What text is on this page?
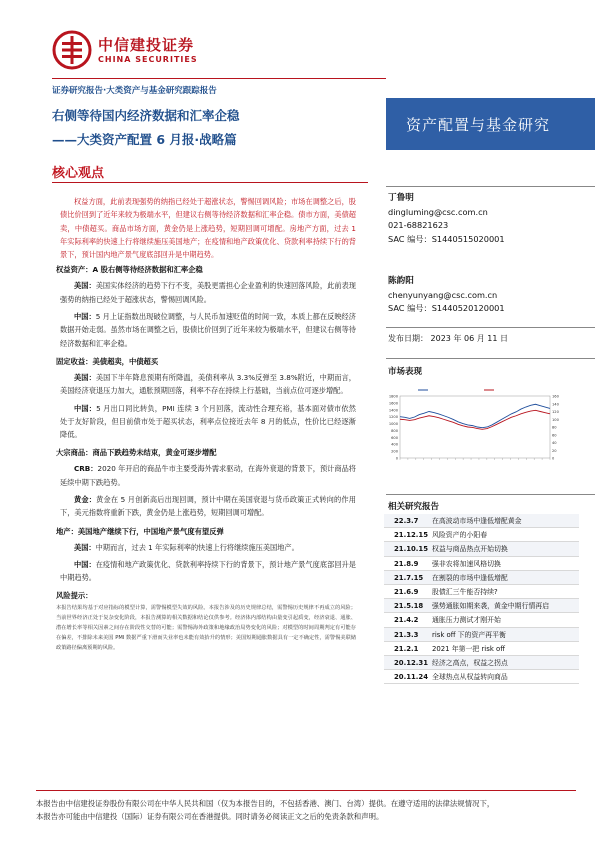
中信建投证券
CHINA SECURITIES
证券研究报告·大类资产与基金研究跟踪报告
右侧等待国内经济数据和汇率企稳
——大类资产配置 6 月报·战略篇
资产配置与基金研究
核心观点

权益方面，此前表现强势的纳指已经处于超涨状态，警惕回调风险；市场在调整之后，股债比价回到了近年来较为极端水平，但建议右侧等待经济数据和汇率企稳。债市方面，美债超卖，中债超买。商品市场方面，黄金仍是上涨趋势，短期回调可增配。房地产方面，过去 1 年实际利率的快速上行将继续施压美国地产；在疫情和地产政策优化、贷款利率持续下行的背景下，预计国内地产景气度底部回升是中期趋势。

权益资产：A 股右侧等待经济数据和汇率企稳

美国：美国实体经济的趋势下行不变，美股更需担心企业盈利的快速回落风险，此前表现强势的纳指已经处于超涨状态，警惕回调风险。

中国：5 月上证指数出现破位调整，与人民币加速贬值的时间一致，本质上都在反映经济数据开始走弱。虽然市场在调整之后，股债比价回到了近年来较为极端水平，但建议右侧等待经济数据和汇率企稳。

固定收益：美债超卖，中债超买

美国：美国下半年降息预期有所降温，美债利率从 3.3%反弹至 3.8%附近，中期而言，美国经济衰退压力加大，通胀预期回落，利率不存在持续上行基础，当前点位可逐步增配。

中国：5 月出口同比转负，PMI 连续 3 个月回落，流动性合理充裕，基本面对债市依然处于友好阶段，但目前债市处于超买状态，利率点位接近去年 8 月的低点，性价比已经逐渐降低。

大宗商品：商品下跌趋势未结束，黄金可逐步增配

CRB：2020 年开启的商品牛市主要受海外需求驱动，在海外衰退的背景下，预计商品将延续中期下跌趋势。

黄金：黄金在 5 月创新高后出现回调，预计中期在美国衰退与货币政策正式转向的作用下，美元指数将重新下跌，黄金仍是上涨趋势，短期回调可增配。

地产：美国地产继续下行，中国地产景气度有望反弹

美国：中期而言，过去 1 年实际利率的快速上行将继续施压美国地产。

中国：在疫情和地产政策优化、贷款利率持续下行的背景下，预计地产景气度底部回升是中期趋势。

风险提示：

本报告结果均基于对应指标的模型计算，需警惕模型失效的风险。本报告涉及的历史规律总结，需警惕历史规律不再成立的风险；当前世界经济正处于复杂变化阶段，本报告测算的相关数据和结论仅供参考。经济体内部结构由量变引起质变，经济衰退、通胀、潜在增长率等相关因素之间存在阶段性交替的可能；需警惕海外政策和地缘政治局势变化的风险；对模型的时间周期判定有可能存在偏差，不排除未来美国 PMI 数据严重下滑而失业率也未能有效抬升的情形；美国短期通胀数据具有一定不确定性，需警惕美联储政策路径偏离预期的风险。

丁鲁明
dingluming@csc.com.cn
021-68821623
SAC 编号：S1440515020001
陈韵阳
chenyunyang@csc.com.cn
SAC 编号：S1440520120001
发布日期： 2023 年 06 月 11 日
市场表现
0
200
400
600
800
1000
1200
1400
1600
1800
0
20
40
60
80
100
120
140
160
相关研究报告
22.3.7	在高波动市场中逢低增配黄金
21.12.15 风险资产的小阳春
21.10.15 权益与商品热点开始切换
21.8.9	强非农将加速风格切换
21.7.15	在割裂的市场中逢低增配
21.6.9	股债汇三牛能否持续?
21.5.18	强势通胀如期来袭，黄金中期行情再启
21.4.2	通胀压力测试才刚开始
21.3.3	risk off 下的资产再平衡
21.2.1	2021 年第一把 risk off
20.12.31 经济之高点，权益之拐点
20.11.24 全球热点从权益转向商品
本报告由中信建投证券股份有限公司在中华人民共和国（仅为本报告目的，不包括香港、澳门、台湾）提供。在遵守适用的法律法规情况下，
本报告亦可能由中信建投（国际）证券有限公司在香港提供。同时请务必阅读正文之后的免责条款和声明。
